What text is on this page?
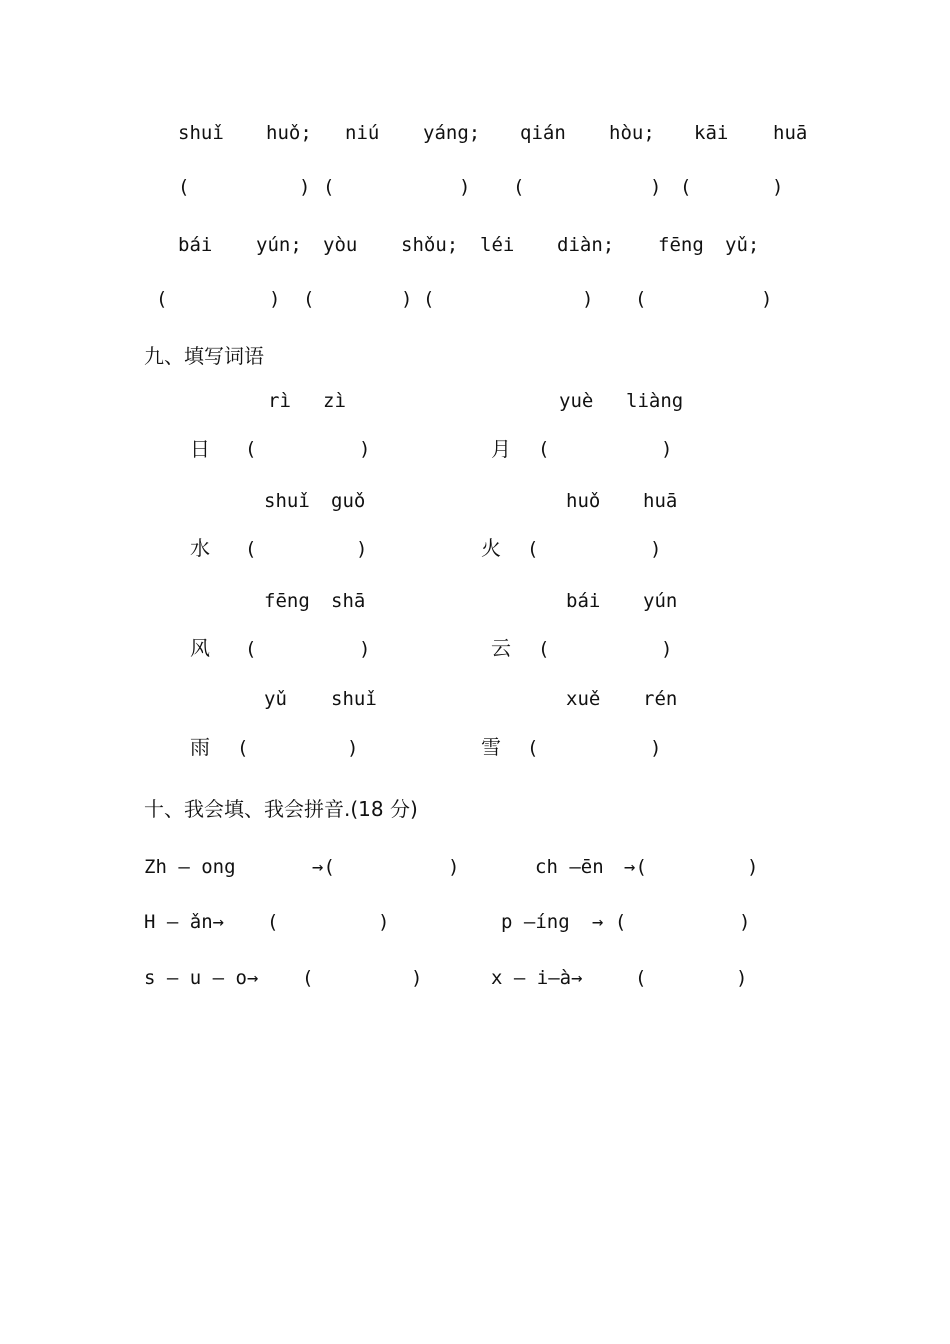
shuǐ huǒ; niú yáng; qián hòu; kāi huā
(	) (	) (	) (	)
bái yún; yòu shǒu; léi diàn; fēng yǔ;
(	) (	) (	) (	)
九、填写词语
rì zì	yuè liàng
日 (	)	月 (	)
shuǐ guǒ	huǒ huā
水 (	)	火 (	)
fēng shā	bái yún
风 (	)	云 (	)
yǔ shuǐ	xuě rén
雨 (	)	雪 (	)
十、我会填、我会拼音.(18 分)
Zh — ong	→(	)	ch —ēn →(	)
H — ǎn→ (	)	p —íng → (	)
s — u — o→ (	)	x — i—à→	(	)
